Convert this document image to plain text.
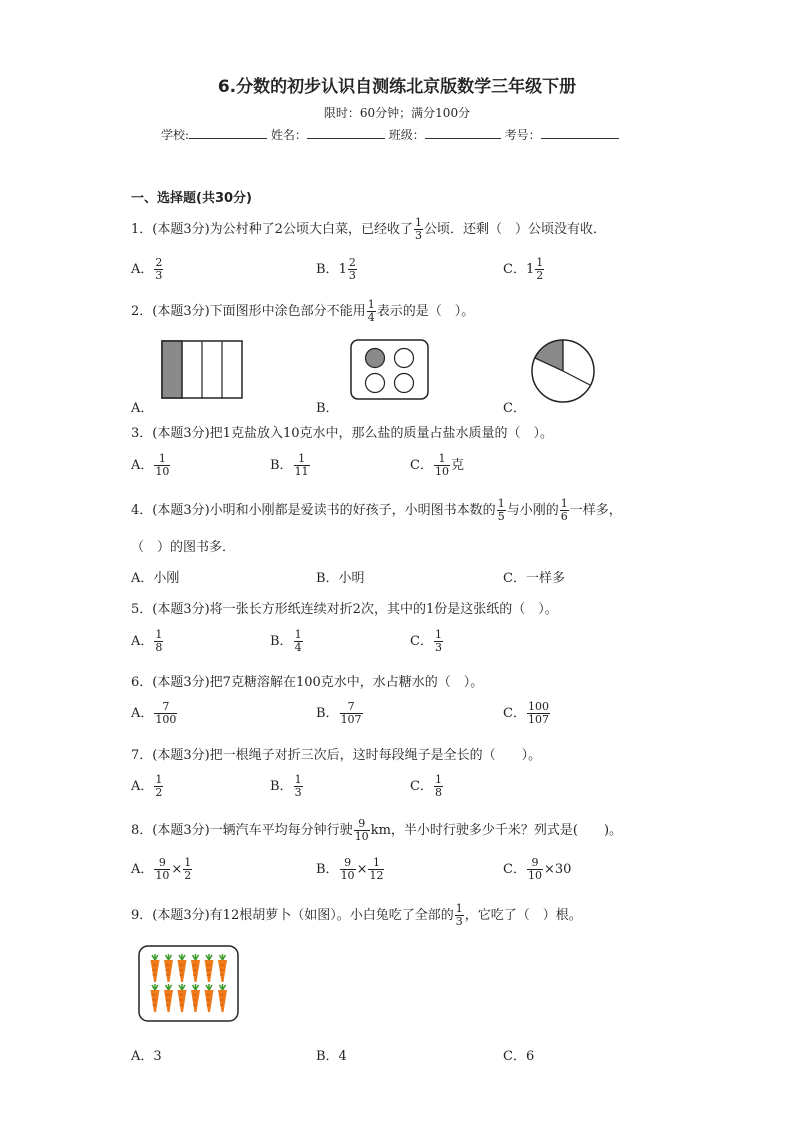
6.分数的初步认识自测练北京版数学三年级下册
限时：60分钟；满分100分
学校:	姓名：	班级：	考号：
一、选择题(共30分)
1．(本题3分)为公村种了2公顷大白菜，已经收了 $\frac{1}{3}$ 公顷．还剩（　）公顷没有收．
A． $\frac{2}{3}$	B．$1 \frac{2}{3}$	C．$1 \frac{1}{2}$
2．(本题3分)下面图形中涂色部分不能用 $\frac{1}{4}$ 表示的是（　）。
A．	B．	C．
3．(本题3分)把1克盐放入10克水中，那么盐的质量占盐水质量的（　）。
A． $\frac{1}{10}$	B． $\frac{1}{11}$	C． $\frac{1}{10}$ 克
4．(本题3分)小明和小刚都是爱读书的好孩子，小明图书本数的 $\frac{1}{5}$ 与小刚的 $\frac{1}{6}$ 一样多，
（　）的图书多．
A．小刚	B．小明	C．一样多
5．(本题3分)将一张长方形纸连续对折2次，其中的1份是这张纸的（　）。
A． $\frac{1}{8}$	B． $\frac{1}{4}$	C． $\frac{1}{3}$
6．(本题3分)把7克糖溶解在100克水中，水占糖水的（　）。
A． $\frac{7}{100}$	B． $\frac{7}{107}$	C． $\frac{100}{107}$
7．(本题3分)把一根绳子对折三次后，这时每段绳子是全长的（　　）。
A． $\frac{1}{2}$	B． $\frac{1}{3}$	C． $\frac{1}{8}$
8．(本题3分)一辆汽车平均每分钟行驶 $\frac{9}{10}$ km，半小时行驶多少千米？列式是(　　)。
A． $\frac{9}{10} \times \frac{1}{2}$	B． $\frac{9}{10} \times \frac{1}{12}$	C． $\frac{9}{10} \times 30$
9．(本题3分)有12根胡萝卜（如图）。小白兔吃了全部的 $\frac{1}{3}$ ，它吃了（　）根。
A．3	B．4	C．6
